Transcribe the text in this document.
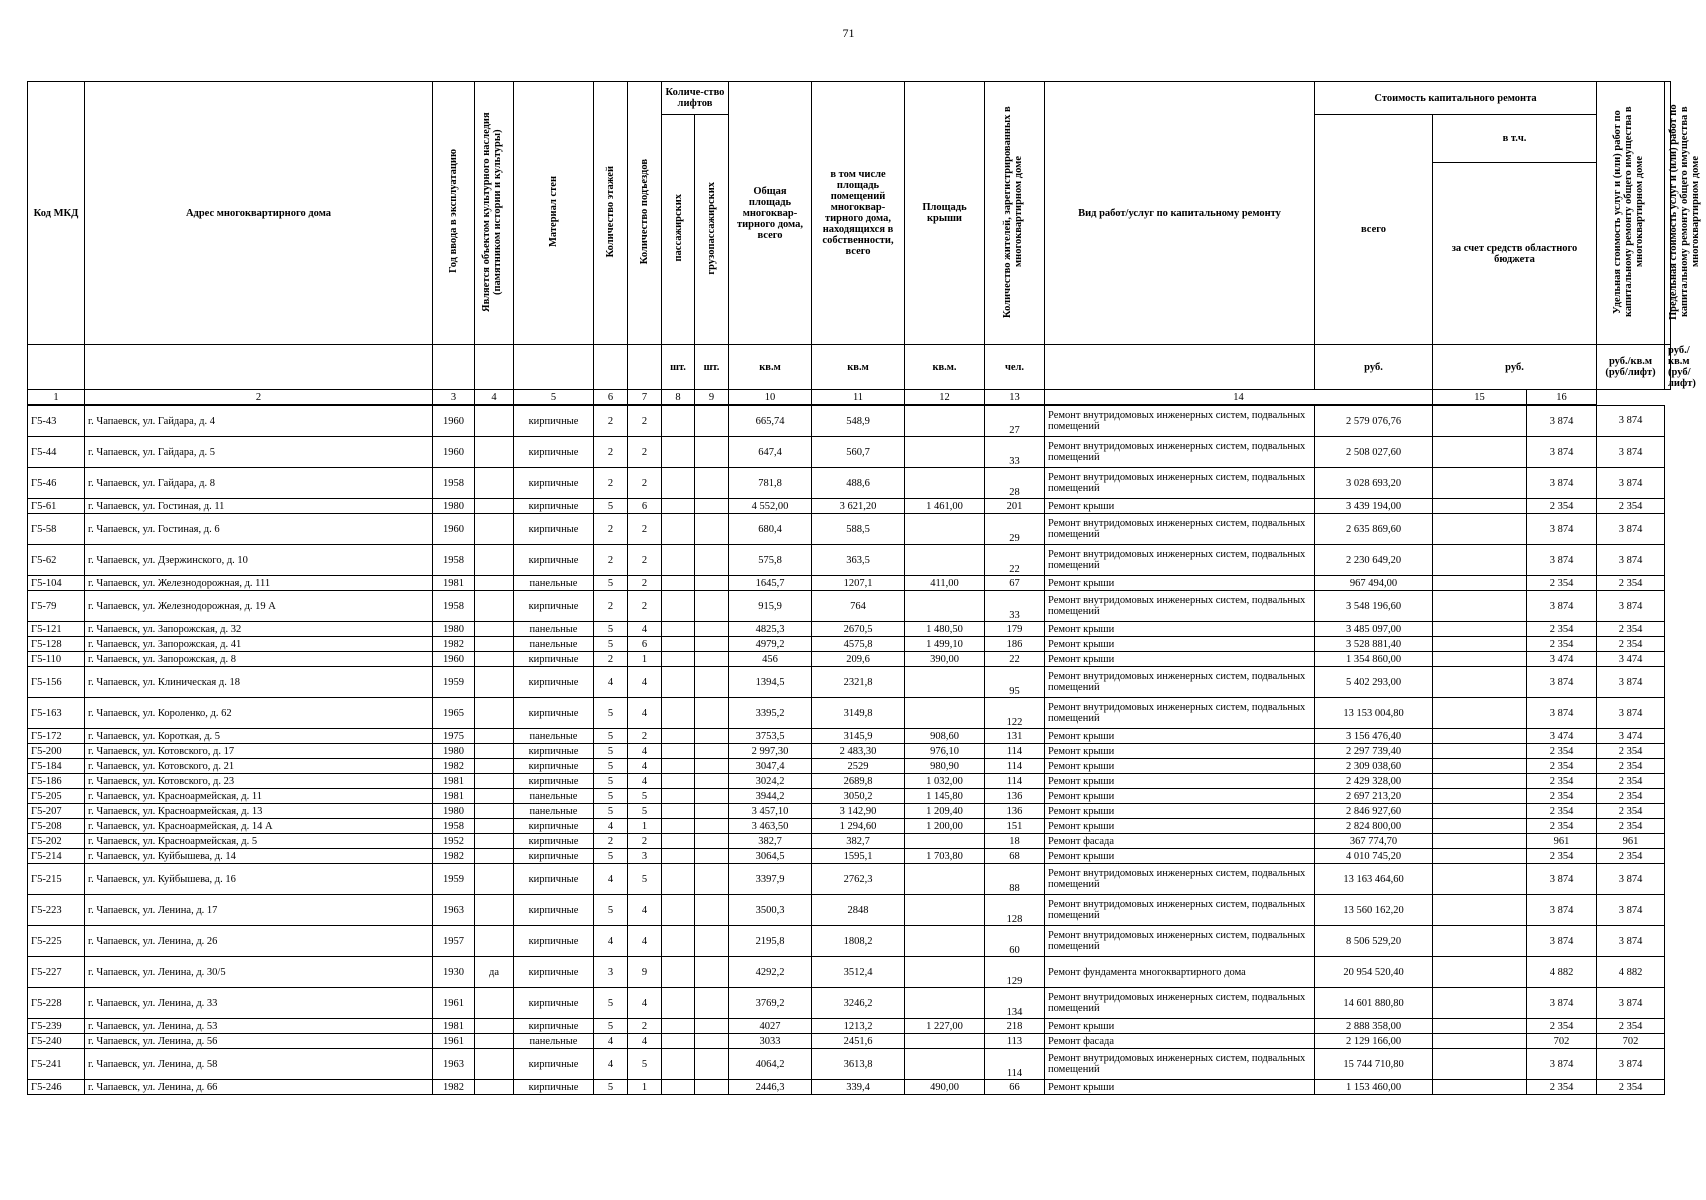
71
Код МКД	Адрес многоквартирного дома	Год ввода в эксплуатацию	Является объектом культурного наследия (памятником истории и культуры)	Материал стен	Количество этажей	Количество подъездов	Количе-ство лифтов		Общая площадь многоквар-тирного дома, всего	в том числе площадь помещений многоквар-тирного дома, находящихся в собственности, всего	Площадь крыши	Количество жителей, зарегистрированных в многоквартирном доме	Вид работ/услуг по капитальному ремонту	Стоимость капитального ремонта			Удельная стоимость услуг и (или) работ по капитальному ремонту общего имущества в многоквартирном доме	Предельная стоимость услуг и (или) работ по капитальному ремонту общего имущества в многоквартирном доме
							пассажирских	грузопассажирских						всего	в т.ч.			
															за счет средств областного бюджета			
							шт.	шт.	кв.м	кв.м	кв.м.	чел.		руб.	руб.		руб./кв.м (руб/лифт)	руб./кв.м (руб/лифт)
1	2	3	4	5	6	7	8	9	10	11	12	13	14		15	16		
Г5-43	г. Чапаевск, ул. Гайдара, д. 4	1960		кирпичные	2	2			665,74	548,9		27	Ремонт внутридомовых инженерных систем, подвальных помещений	2 579 076,76		3 874	3 874	
Г5-44	г. Чапаевск, ул. Гайдара, д. 5	1960		кирпичные	2	2			647,4	560,7		33	Ремонт внутридомовых инженерных систем, подвальных помещений	2 508 027,60		3 874	3 874	
Г5-46	г. Чапаевск, ул. Гайдара, д. 8	1958		кирпичные	2	2			781,8	488,6		28	Ремонт внутридомовых инженерных систем, подвальных помещений	3 028 693,20		3 874	3 874	
Г5-61	г. Чапаевск, ул. Гостиная, д. 11	1980		кирпичные	5	6			4 552,00	3 621,20	1 461,00	201	Ремонт крыши	3 439 194,00		2 354	2 354	
Г5-58	г. Чапаевск, ул. Гостиная, д. 6	1960		кирпичные	2	2			680,4	588,5		29	Ремонт внутридомовых инженерных систем, подвальных помещений	2 635 869,60		3 874	3 874	
Г5-62	г. Чапаевск, ул. Дзержинского, д. 10	1958		кирпичные	2	2			575,8	363,5		22	Ремонт внутридомовых инженерных систем, подвальных помещений	2 230 649,20		3 874	3 874	
Г5-104	г. Чапаевск, ул. Железнодорожная, д. 111	1981		панельные	5	2			1645,7	1207,1	411,00	67	Ремонт крыши	967 494,00		2 354	2 354	
Г5-79	г. Чапаевск, ул. Железнодорожная, д. 19 А	1958		кирпичные	2	2			915,9	764		33	Ремонт внутридомовых инженерных систем, подвальных помещений	3 548 196,60		3 874	3 874	
Г5-121	г. Чапаевск, ул. Запорожская, д. 32	1980		панельные	5	4			4825,3	2670,5	1 480,50	179	Ремонт крыши	3 485 097,00		2 354	2 354	
Г5-128	г. Чапаевск, ул. Запорожская, д. 41	1982		панельные	5	6			4979,2	4575,8	1 499,10	186	Ремонт крыши	3 528 881,40		2 354	2 354	
Г5-110	г. Чапаевск, ул. Запорожская, д. 8	1960		кирпичные	2	1			456	209,6	390,00	22	Ремонт крыши	1 354 860,00		3 474	3 474	
Г5-156	г. Чапаевск, ул. Клиническая д. 18	1959		кирпичные	4	4			1394,5	2321,8		95	Ремонт внутридомовых инженерных систем, подвальных помещений	5 402 293,00		3 874	3 874	
Г5-163	г. Чапаевск, ул. Короленко, д. 62	1965		кирпичные	5	4			3395,2	3149,8		122	Ремонт внутридомовых инженерных систем, подвальных помещений	13 153 004,80		3 874	3 874	
Г5-172	г. Чапаевск, ул. Короткая, д. 5	1975		панельные	5	2			3753,5	3145,9	908,60	131	Ремонт крыши	3 156 476,40		3 474	3 474	
Г5-200	г. Чапаевск, ул. Котовского, д. 17	1980		кирпичные	5	4			2 997,30	2 483,30	976,10	114	Ремонт крыши	2 297 739,40		2 354	2 354	
Г5-184	г. Чапаевск, ул. Котовского, д. 21	1982		кирпичные	5	4			3047,4	2529	980,90	114	Ремонт крыши	2 309 038,60		2 354	2 354	
Г5-186	г. Чапаевск, ул. Котовского, д. 23	1981		кирпичные	5	4			3024,2	2689,8	1 032,00	114	Ремонт крыши	2 429 328,00		2 354	2 354	
Г5-205	г. Чапаевск, ул. Красноармейская, д. 11	1981		панельные	5	5			3944,2	3050,2	1 145,80	136	Ремонт крыши	2 697 213,20		2 354	2 354	
Г5-207	г. Чапаевск, ул. Красноармейская, д. 13	1980		панельные	5	5			3 457,10	3 142,90	1 209,40	136	Ремонт крыши	2 846 927,60		2 354	2 354	
Г5-208	г. Чапаевск, ул. Красноармейская, д. 14 А	1958		кирпичные	4	1			3 463,50	1 294,60	1 200,00	151	Ремонт крыши	2 824 800,00		2 354	2 354	
Г5-202	г. Чапаевск, ул. Красноармейская, д. 5	1952		кирпичные	2	2			382,7	382,7		18	Ремонт фасада	367 774,70		961	961	
Г5-214	г. Чапаевск, ул. Куйбышева, д. 14	1982		кирпичные	5	3			3064,5	1595,1	1 703,80	68	Ремонт крыши	4 010 745,20		2 354	2 354	
Г5-215	г. Чапаевск, ул. Куйбышева, д. 16	1959		кирпичные	4	5			3397,9	2762,3		88	Ремонт внутридомовых инженерных систем, подвальных помещений	13 163 464,60		3 874	3 874	
Г5-223	г. Чапаевск, ул. Ленина, д. 17	1963		кирпичные	5	4			3500,3	2848		128	Ремонт внутридомовых инженерных систем, подвальных помещений	13 560 162,20		3 874	3 874	
Г5-225	г. Чапаевск, ул. Ленина, д. 26	1957		кирпичные	4	4			2195,8	1808,2		60	Ремонт внутридомовых инженерных систем, подвальных помещений	8 506 529,20		3 874	3 874	
Г5-227	г. Чапаевск, ул. Ленина, д. 30/5	1930	да	кирпичные	3	9			4292,2	3512,4		129	Ремонт фундамента многоквартирного дома	20 954 520,40		4 882	4 882	
Г5-228	г. Чапаевск, ул. Ленина, д. 33	1961		кирпичные	5	4			3769,2	3246,2		134	Ремонт внутридомовых инженерных систем, подвальных помещений	14 601 880,80		3 874	3 874	
Г5-239	г. Чапаевск, ул. Ленина, д. 53	1981		кирпичные	5	2			4027	1213,2	1 227,00	218	Ремонт крыши	2 888 358,00		2 354	2 354	
Г5-240	г. Чапаевск, ул. Ленина, д. 56	1961		панельные	4	4			3033	2451,6		113	Ремонт фасада	2 129 166,00		702	702	
Г5-241	г. Чапаевск, ул. Ленина, д. 58	1963		кирпичные	4	5			4064,2	3613,8		114	Ремонт внутридомовых инженерных систем, подвальных помещений	15 744 710,80		3 874	3 874	
Г5-246	г. Чапаевск, ул. Ленина, д. 66	1982		кирпичные	5	1			2446,3	339,4	490,00	66	Ремонт крыши	1 153 460,00		2 354	2 354	
